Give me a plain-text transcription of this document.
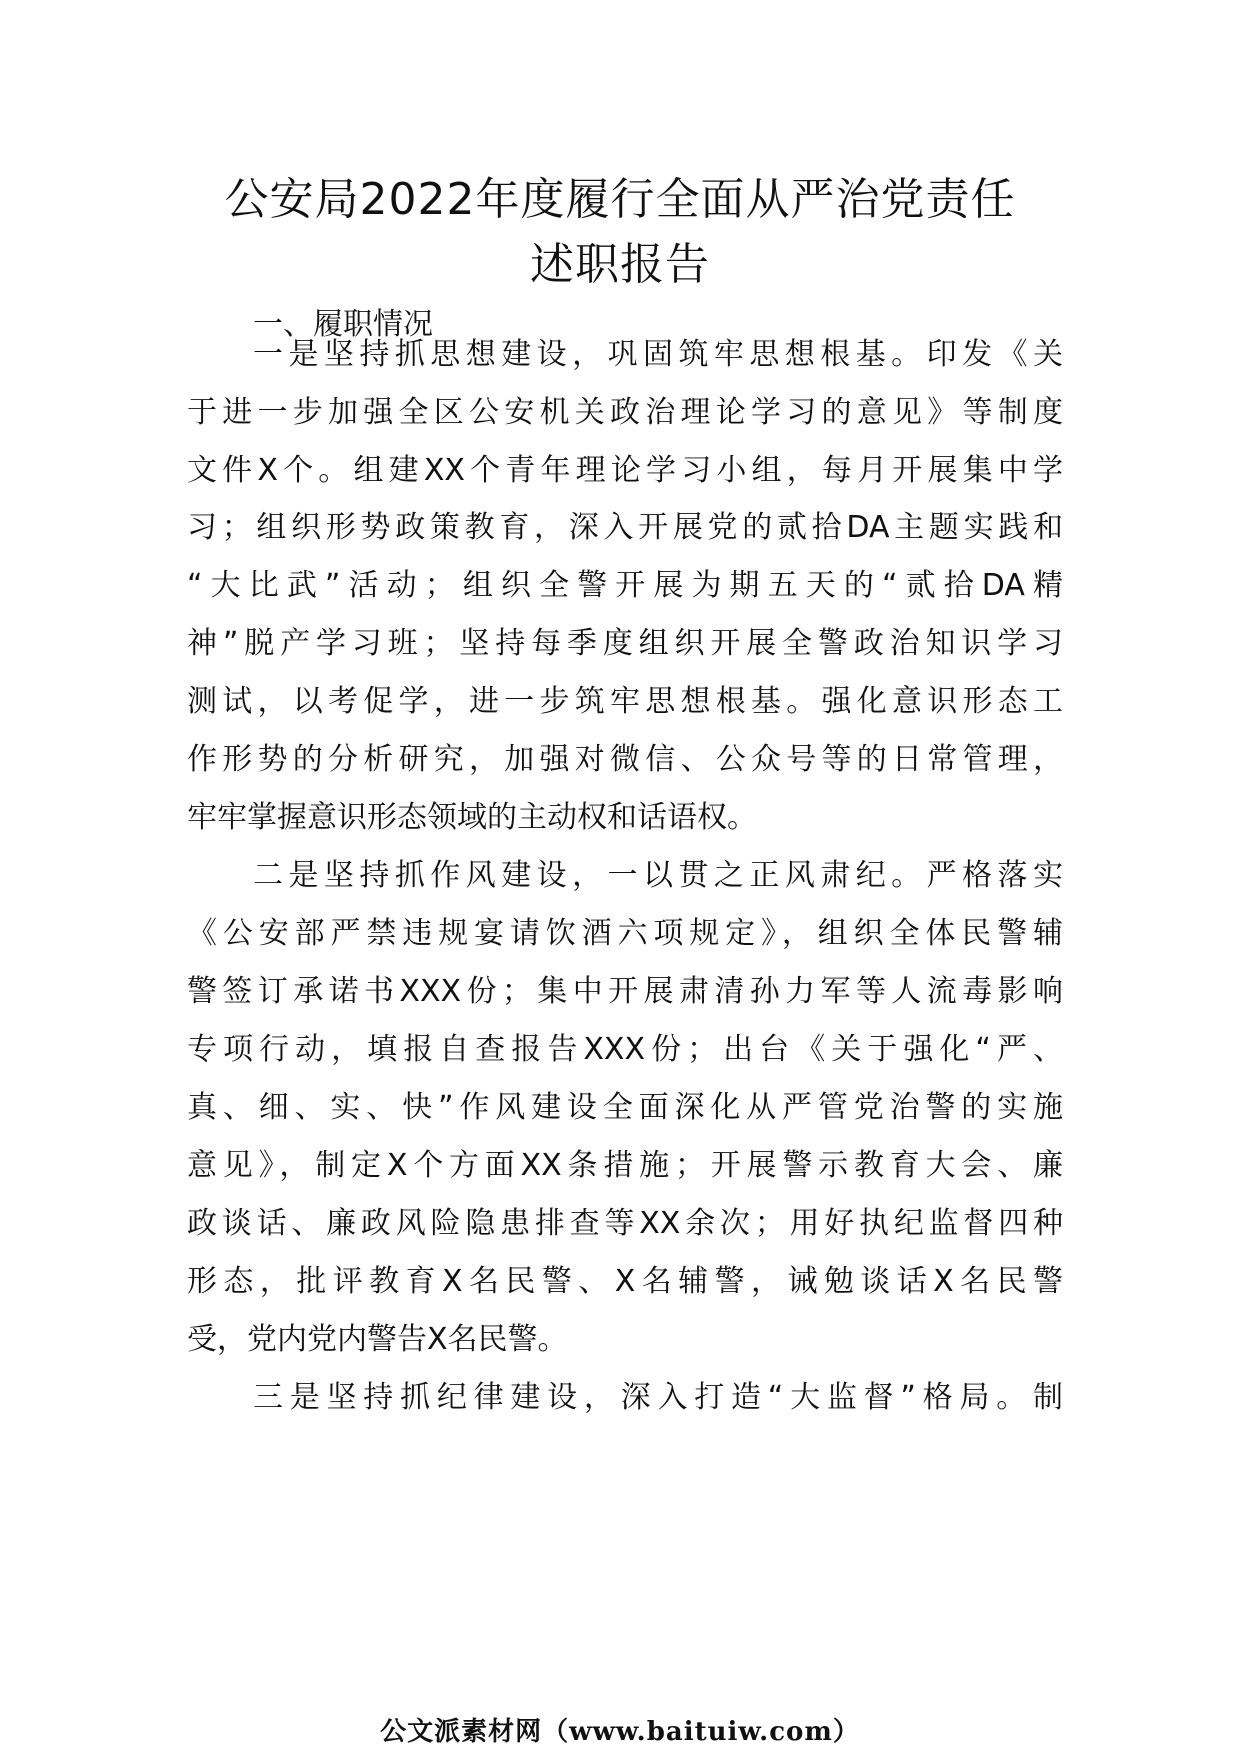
公安局2022年度履行全面从严治党责任
述职报告
一、履职情况
一是坚持抓思想建设，巩固筑牢思想根基。印发《关
于进一步加强全区公安机关政治理论学习的意见》等制度
文件X个。组建XX个青年理论学习小组，每月开展集中学
习；组织形势政策教育，深入开展党的贰拾DA主题实践和
“大比武”活动；组织全警开展为期五天的“贰拾DA精
神”脱产学习班；坚持每季度组织开展全警政治知识学习
测试，以考促学，进一步筑牢思想根基。强化意识形态工
作形势的分析研究，加强对微信、公众号等的日常管理，
牢牢掌握意识形态领域的主动权和话语权。
二是坚持抓作风建设，一以贯之正风肃纪。严格落实
《公安部严禁违规宴请饮酒六项规定》，组织全体民警辅
警签订承诺书XXX份；集中开展肃清孙力军等人流毒影响
专项行动，填报自查报告XXX份；出台《关于强化“严、
真、细、实、快”作风建设全面深化从严管党治警的实施
意见》，制定X个方面XX条措施；开展警示教育大会、廉
政谈话、廉政风险隐患排查等XX余次；用好执纪监督四种
形态，批评教育X名民警、X名辅警，诫勉谈话X名民警
受，党内党内警告X名民警。
三是坚持抓纪律建设，深入打造“大监督”格局。制
公文派素材网（www.baituiw.com）
